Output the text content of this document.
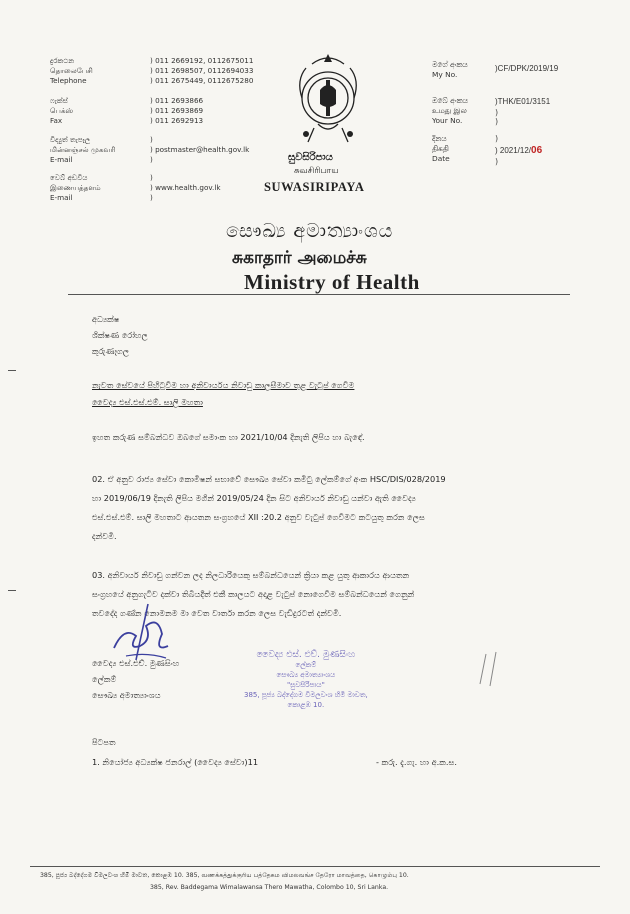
දුරකථන
தொலைபேசி
Telephone
) 011 2669192, 0112675011
) 011 2698507, 0112694033
) 011 2675449, 0112675280
ෆැක්ස්
பெக்ஸ்
Fax
) 011 2693866
) 011 2693869
) 011 2692913
විද්‍යුත් තැපෑල
மின்னஞ்சல் முகவரி
E-mail
)
) postmaster@health.gov.lk
)
වෙබ් අඩවිය
இணையத்தளம்
E-mail
)
) www.health.gov.lk
)
සුවසිරිපාය
சுவசிரிபாய
SUWASIRIPAYA
මගේ අංකය
My No.
)CF/DPK/2019/19
ඔබේ අංකය
உமது இல
Your No.
)THK/E01/3151
)
)
දිනය
திகதி
Date
)
) 2021/12/06
)
සෞඛ්‍ය අමාත්‍යාංශය
சுகாதார் அமைச்சு
Ministry of Health
අධ්‍යක්ෂ
ශික්ෂණ රෝහල
කුරුණෑගල
නැවත සේවයේ පිහිටුවීම හා අනිවාර්යය නිවාඩු කාලසීමාව තුළ වැටුප් ගෙවීම
වෛද්‍ය එස්.එස්.එම්. සාලි මහතා
ඉහත කරුණ සම්බන්ධව ඔබගේ සමාංක හා 2021/10/04 දිනැති ලිපිය හා බැඳේ.
02. ඒ අනුව රාජ්‍ය සේවා කොමිෂන් සභාවේ සෞඛ්‍ය සේවා කමිටු ලේකම්ගේ අංක HSC/DIS/028/2019
හා 2019/06/19 දිනැති ලිපිය මගින් 2019/05/24 දින සිට අනිවාර්ය නිවාඩු යන්වා ඇති වෛද්‍ය
එස්.එස්.එම්. සාලි මහතාට ආයතන සංග්‍රහයේ XII :20.2 අනුව වැටුප් ගෙවීමට කටයුතු කරන ලෙස
දන්වමි.
03. අනිවාර්ය නිවාඩු ගන්වන ලද නිලධාරියෙකු සම්බන්ධයෙන් ක්‍රියා කළ යුතු ආකාරය ආයතන
සංග්‍රහයේ අනුගැටිව දක්වා තිබියදීත් එකී කාලයට අදාළ වැටුප් නොගෙවීම සම්බන්ධයෙන් ගෙනුන්
තවදේද ගණ්න නොමනම මා වෙත වාර්තා කරන ලෙස වැඩිදුරටත් දන්වමි.
වෛද්‍ය එස්.එච්. මුණසිංහ
ලේකම්
සෞඛ්‍ය අමාත්‍යාංශය
වෛද්‍ය එස්. එච්. මුණසිංහ
ලේකම්
සෞඛ්‍ය අමාත්‍යාංශය
"සුවසිරිපාය"
385, පූජ්‍ය බද්දේගම විමලවංශ හිමි මාවත,
කොළඹ 10.
පිටපත
1. නියෝජ්‍ය අධ්‍යක්ෂ ජනරාල් (වෛද්‍ය සේවා)11	- කරු. දැ.ගැ. හා අ.ක.ස.
385, පූජ්‍ය බද්දේගම විමලවංශ හිමි මාවත, කොළඹ 10. 385, வணக்கத்துக்குரிய பத்தேகம விமலவங்ச தேரோ மாவத்தை, கொழும்பு 10.
385, Rev. Baddegama Wimalawansa Thero Mawatha, Colombo 10, Sri Lanka.
